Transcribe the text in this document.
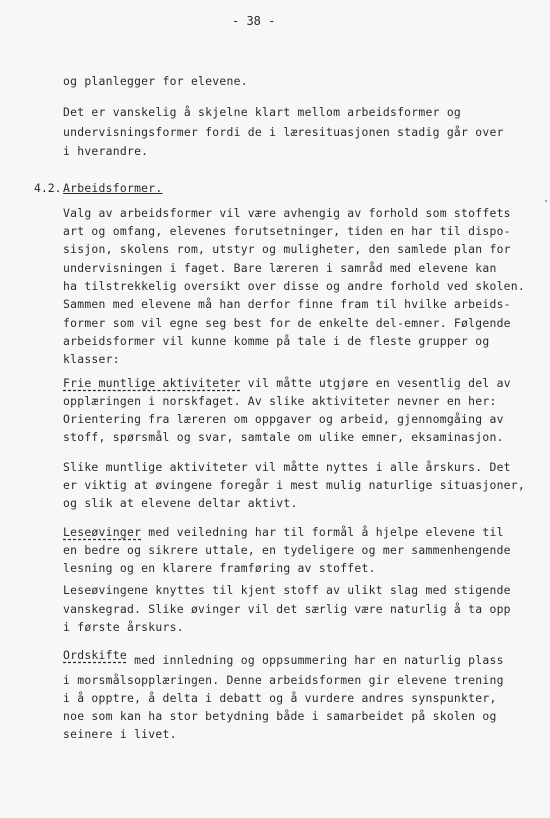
- 38 -

og planlegger for elevene.

Det er vanskelig å skjelne klart mellom arbeidsformer og

undervisningsformer fordi de i læresituasjonen stadig går over

i hverandre.

4.2. Arbeidsformer.

Valg av arbeidsformer vil være avhengig av forhold som stoffets

art og omfang, elevenes forutsetninger, tiden en har til dispo-

sisjon, skolens rom, utstyr og muligheter, den samlede plan for

undervisningen i faget. Bare læreren i samråd med elevene kan

ha tilstrekkelig oversikt over disse og andre forhold ved skolen.

Sammen med elevene må han derfor finne fram til hvilke arbeids-

former som vil egne seg best for de enkelte del-emner. Følgende

arbeidsformer vil kunne komme på tale i de fleste grupper og

klasser:

Frie muntlige aktiviteter vil måtte utgjøre en vesentlig del av

opplæringen i norskfaget. Av slike aktiviteter nevner en her:

Orientering fra læreren om oppgaver og arbeid, gjennomgåing av

stoff, spørsmål og svar, samtale om ulike emner, eksaminasjon.

Slike muntlige aktiviteter vil måtte nyttes i alle årskurs. Det

er viktig at øvingene foregår i mest mulig naturlige situasjoner,

og slik at elevene deltar aktivt.

Leseøvinger med veiledning har til formål å hjelpe elevene til

en bedre og sikrere uttale, en tydeligere og mer sammenhengende

lesning og en klarere framføring av stoffet.

Leseøvingene knyttes til kjent stoff av ulikt slag med stigende

vanskegrad. Slike øvinger vil det særlig være naturlig å ta opp

i første årskurs.

Ordskifte med innledning og oppsummering har en naturlig plass

i morsmålsopplæringen. Denne arbeidsformen gir elevene trening

i å opptre, å delta i debatt og å vurdere andres synspunkter,

noe som kan ha stor betydning både i samarbeidet på skolen og

seinere i livet.
